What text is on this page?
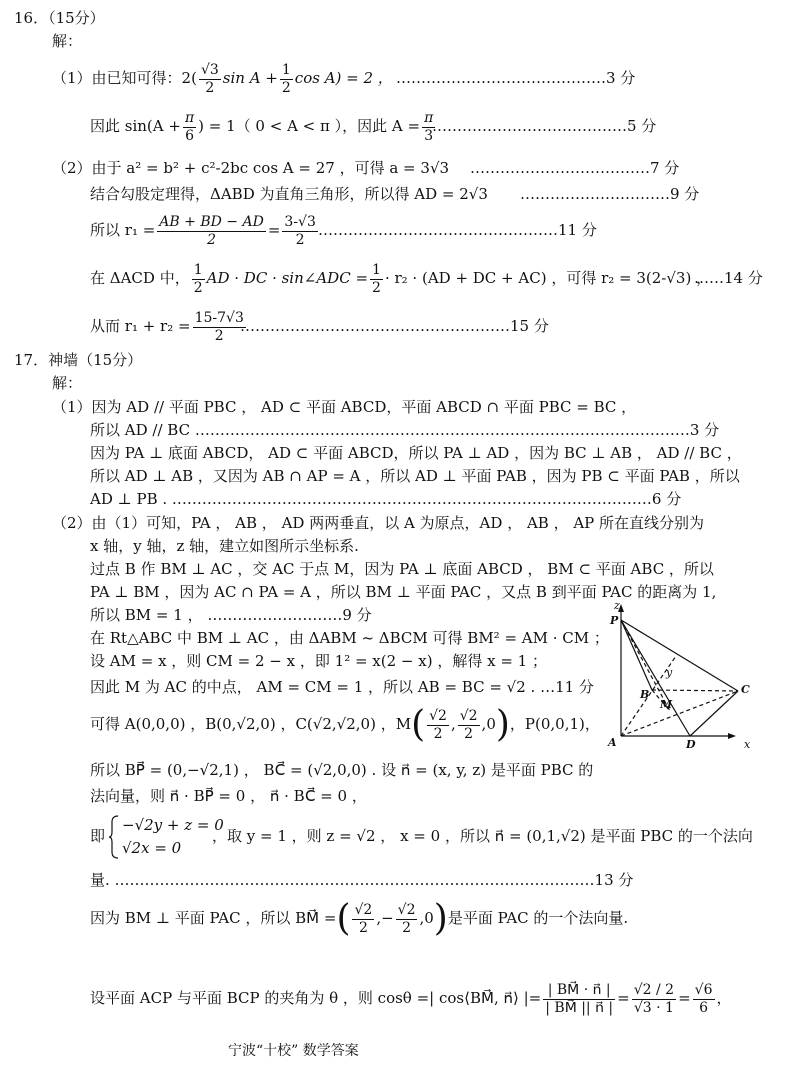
16．（15分）
解：
（1）由已知可得：$2( \frac{√3}{2}$ $\sin A + \frac{1}{2}$ cos A) = 2 ， ……………………………………3 分
因此 $\sin(A + \frac{\pi}{6}$ ) = 1（ 0 < A < π ），因此 $A = \frac{\pi}{3}$
…………………………………5 分
（2）由于 a² = b² + c²-2bc cos A = 27 ，可得 a = 3√3 ………………………………7 分
结合勾股定理得，ΔABD 为直角三角形，所以得 AD = 2√3 …………………………9 分
所以 $r_1 = \frac{AB + BD - AD}{2} = \frac{3-√3}{2}$ …………………………………………11 分
在 ΔACD 中， $\frac{1}{2}$ AD · DC · sin∠ADC = $\frac{1}{2} \cdot r_2 \cdot (AD$ + DC + AC) ，可得 r₂ = 3(2-√3) ，
……14 分
从而 $r_1 + r_2 = \frac{15-7√3}{2}$
………………………………………………15 分
17．神墙（15分）
解：
（1）因为 AD // 平面 PBC ， AD ⊂ 平面 ABCD，平面 ABCD ∩ 平面 PBC = BC ，
所以 AD // BC ………………………………………………………………………………………3 分
因为 PA ⊥ 底面 ABCD， AD ⊂ 平面 ABCD，所以 PA ⊥ AD ，因为 BC ⊥ AB ， AD // BC ，
所以 AD ⊥ AB ，又因为 AB ∩ AP = A ，所以 AD ⊥ 平面 PAB ，因为 PB ⊂ 平面 PAB ，所以
AD ⊥ PB . ……………………………………………………………………………………6 分
（2）由（1）可知，PA ， AB ， AD 两两垂直，以 A 为原点，AD ， AB ， AP 所在直线分别为
x 轴，y 轴，z 轴，建立如图所示坐标系.
过点 B 作 BM ⊥ AC ，交 AC 于点 M，因为 PA ⊥ 底面 ABCD ， BM ⊂ 平面 ABC ，所以
PA ⊥ BM ，因为 AC ∩ PA = A ，所以 BM ⊥ 平面 PAC ，又点 B 到平面 PAC 的距离为 1,
所以 BM = 1 ， ………………………9 分
在 Rt△ABC 中 BM ⊥ AC ，由 ΔABM ~ ΔBCM 可得 BM² = AM · CM ；
设 AM = x ，则 CM = 2 − x ，即 1² = x(2 − x) ，解得 x = 1 ；
因此 M 为 AC 的中点， AM = CM = 1 ，所以 AB = BC = √2 . …11 分
可得 A(0,0,0) ，B(0,√2,0) ，C(√2,√2,0) ，$M( \frac{√2}{2}$ , $\frac{√2}{2} ,0$)，P(0,0,1)，
所以 BP⃗ = (0,−√2,1) ， BC⃗ = (√2,0,0) . 设 n⃗ = (x, y, z) 是平面 PBC 的
法向量，则 n⃗ · BP⃗ = 0 ， n⃗ · BC⃗ = 0 ，
即
−√2y + z = 0
√2x = 0
，取 y = 1 ，则 z = √2 ， x = 0 ，所以 n⃗ = (0,1,√2) 是平面 PBC 的一个法向
量. ……………………………………………………………………………………13 分
因为 BM ⊥ 平面 PAC ，所以 BM⃗ =( $\frac{√2}{2}$ ,− $\frac{√2}{2} ,0$)是平面 PAC 的一个法向量.
设平面 ACP 与平面 BCP 的夹角为 θ ，则 cosθ =| cos⟨BM⃗, n⃗⟩ |= $\frac{| BM⃗ \cdot n⃗ |}{| BM⃗ || n⃗ |} = \frac{√2 / 2}{√3 \cdot 1} = \frac{√6}{6}$ ，
z
P
y
B
M
C
A	D	x
宁波“十校” 数学答案
